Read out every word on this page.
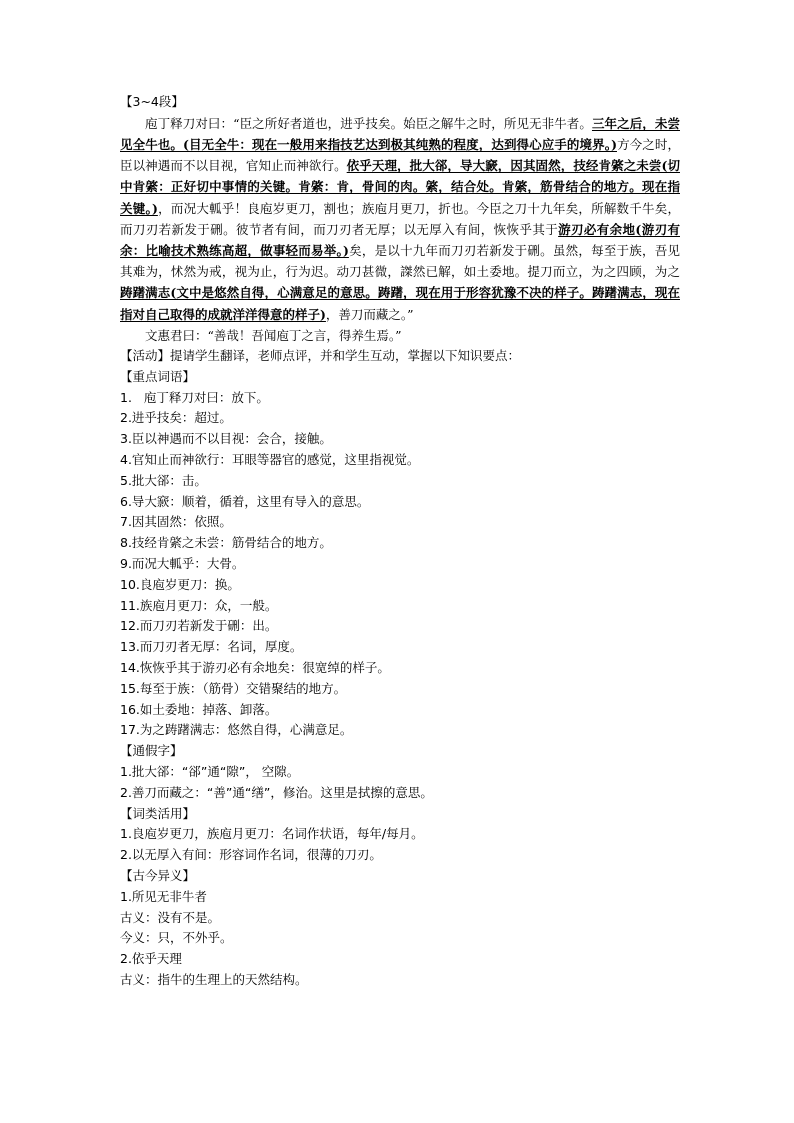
【3~4段】
庖丁释刀对曰：“臣之所好者道也，进乎技矣。始臣之解牛之时，所见无非牛者。三年之后，未尝见全牛也。(目无全牛：现在一般用来指技艺达到极其纯熟的程度，达到得心应手的境界。)方今之时，臣以神遇而不以目视，官知止而神欲行。依乎天理，批大郤，导大窾，因其固然，技经肯綮之未尝(切中肯綮：正好切中事情的关键。肯綮：肯，骨间的肉。綮，结合处。肯綮，筋骨结合的地方。现在指关键。)，而况大軱乎！良庖岁更刀，割也；族庖月更刀，折也。今臣之刀十九年矣，所解数千牛矣，而刀刃若新发于硎。彼节者有间，而刀刃者无厚；以无厚入有间，恢恢乎其于游刃必有余地(游刃有余：比喻技术熟练高超，做事轻而易举。)矣，是以十九年而刀刃若新发于硎。虽然，每至于族，吾见其难为，怵然为戒，视为止，行为迟。动刀甚微，謋然已解，如土委地。提刀而立，为之四顾，为之踌躇满志(文中是悠然自得，心满意足的意思。踌躇，现在用于形容犹豫不决的样子。踌躇满志，现在指对自己取得的成就洋洋得意的样子)，善刀而藏之。”
文惠君曰：“善哉！吾闻庖丁之言，得养生焉。”
【活动】提请学生翻译，老师点评，并和学生互动，掌握以下知识要点：
【重点词语】
1.   庖丁释刀对曰：放下。
2.进乎技矣：超过。
3.臣以神遇而不以目视：会合，接触。
4.官知止而神欲行：耳眼等器官的感觉，这里指视觉。
5.批大郤：击。
6.导大窾：顺着，循着，这里有导入的意思。
7.因其固然：依照。
8.技经肯綮之未尝：筋骨结合的地方。
9.而况大軱乎：大骨。
10.良庖岁更刀：换。
11.族庖月更刀：众，一般。
12.而刀刃若新发于硎：出。
13.而刀刃者无厚：名词，厚度。
14.恢恢乎其于游刃必有余地矣：很宽绰的样子。
15.每至于族：（筋骨）交错聚结的地方。
16.如土委地：掉落、卸落。
17.为之踌躇满志：悠然自得，心满意足。
【通假字】
1.批大郤：“郤”通“隙”， 空隙。
2.善刀而藏之：“善”通“缮”，修治。这里是拭擦的意思。
【词类活用】
1.良庖岁更刀，族庖月更刀：名词作状语，每年/每月。
2.以无厚入有间：形容词作名词，很薄的刀刃。
【古今异义】
1.所见无非牛者
古义：没有不是。
今义：只，不外乎。
2.依乎天理
古义：指牛的生理上的天然结构。
